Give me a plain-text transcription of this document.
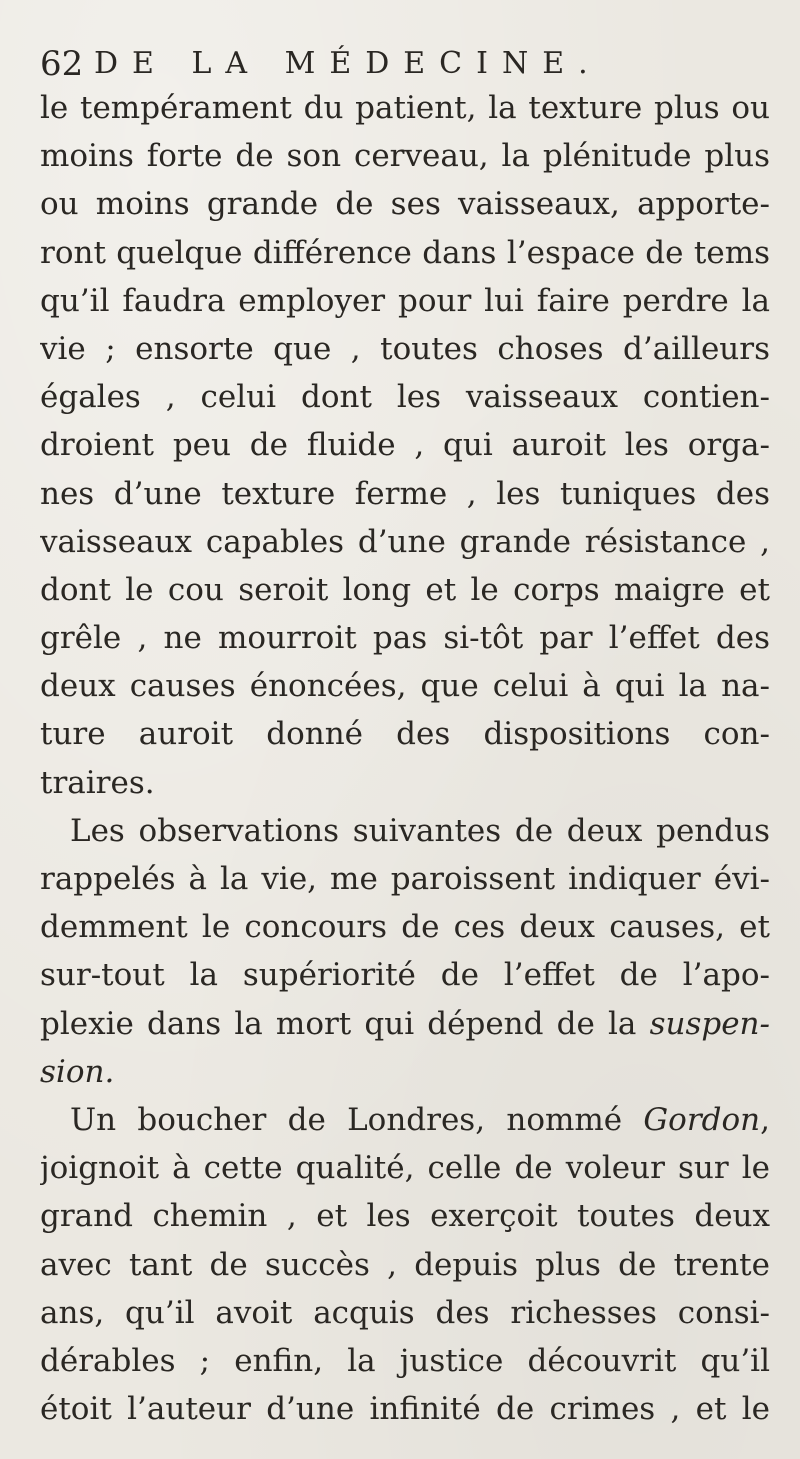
62 DE LA MÉDECINE.
le tempérament du patient, la texture plus ou
moins forte de son cerveau, la plénitude plus
ou moins grande de ses vaisseaux, apporte-
ront quelque différence dans l’espace de tems
qu’il faudra employer pour lui faire perdre la
vie ; ensorte que , toutes choses d’ailleurs
égales , celui dont les vaisseaux contien-
droient peu de fluide , qui auroit les orga-
nes d’une texture ferme , les tuniques des
vaisseaux capables d’une grande résistance ,
dont le cou seroit long et le corps maigre et
grêle , ne mourroit pas si-tôt par l’effet des
deux causes énoncées, que celui à qui la na-
ture auroit donné des dispositions con-
traires.
Les observations suivantes de deux pendus
rappelés à la vie, me paroissent indiquer évi-
demment le concours de ces deux causes, et
sur-tout la supériorité de l’effet de l’apo-
plexie dans la mort qui dépend de la suspen-
sion.
Un boucher de Londres, nommé Gordon,
joignoit à cette qualité, celle de voleur sur le
grand chemin , et les exerçoit toutes deux
avec tant de succès , depuis plus de trente
ans, qu’il avoit acquis des richesses consi-
dérables ; enfin, la justice découvrit qu’il
étoit l’auteur d’une infinité de crimes , et le
